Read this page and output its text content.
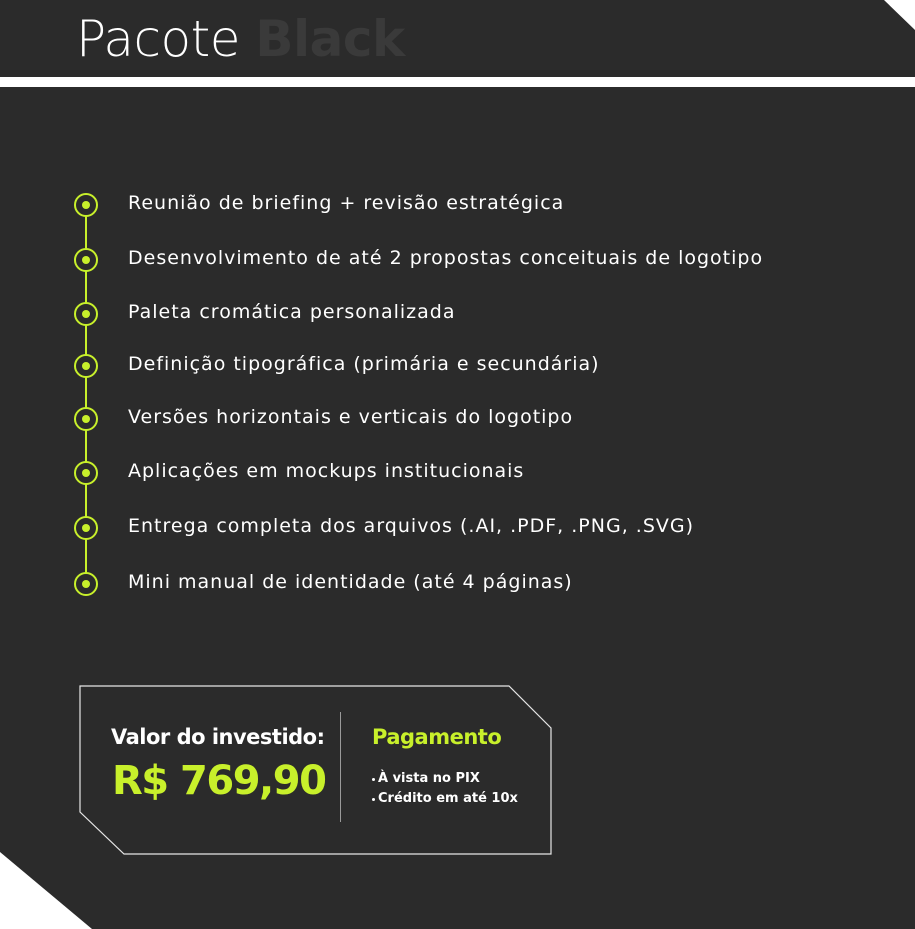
Pacote Black
Reunião de briefing + revisão estratégica
Desenvolvimento de até 2 propostas conceituais de logotipo
Paleta cromática personalizada
Definição tipográfica (primária e secundária)
Versões horizontais e verticais do logotipo
Aplicações em mockups institucionais
Entrega completa dos arquivos (.AI, .PDF, .PNG, .SVG)
Mini manual de identidade (até 4 páginas)
Valor do investido:
R$ 769,90
Pagamento
À vista no PIX
Crédito em até 10x
